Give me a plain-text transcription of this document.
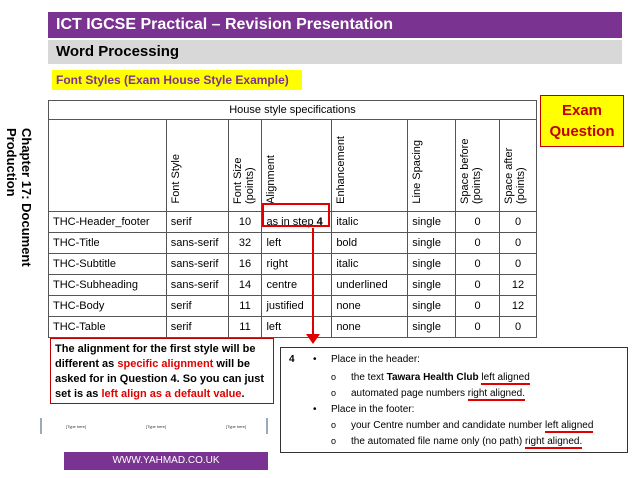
ICT IGCSE Practical – Revision Presentation
Word Processing
Font Styles (Exam House Style Example)
Chapter 17: Document Production
Exam
Question
House style specifications							
	Font Style	Font Size (points)	Alignment	Enhancement	Line Spacing	Space before (points)	Space after (points)
THC-Header_footer	serif	10	as in step 4	italic	single	0	0
THC-Title	sans-serif	32	left	bold	single	0	0
THC-Subtitle	sans-serif	16	right	italic	single	0	0
THC-Subheading	sans-serif	14	centre	underlined	single	0	12
THC-Body	serif	11	justified	none	single	0	12
THC-Table	serif	11	left	none	single	0	0
The alignment for the first style will be different as specific alignment will be asked for in Question 4. So you can just set is as left align as a default value.
4 • Place in the header:
o the text Tawara Health Club left aligned
o automated page numbers right aligned.
• Place in the footer:
o your Centre number and candidate number left aligned
o the automated file name only (no path) right aligned.
[Type here]	[Type here]	[Type here]
WWW.YAHMAD.CO.UK
